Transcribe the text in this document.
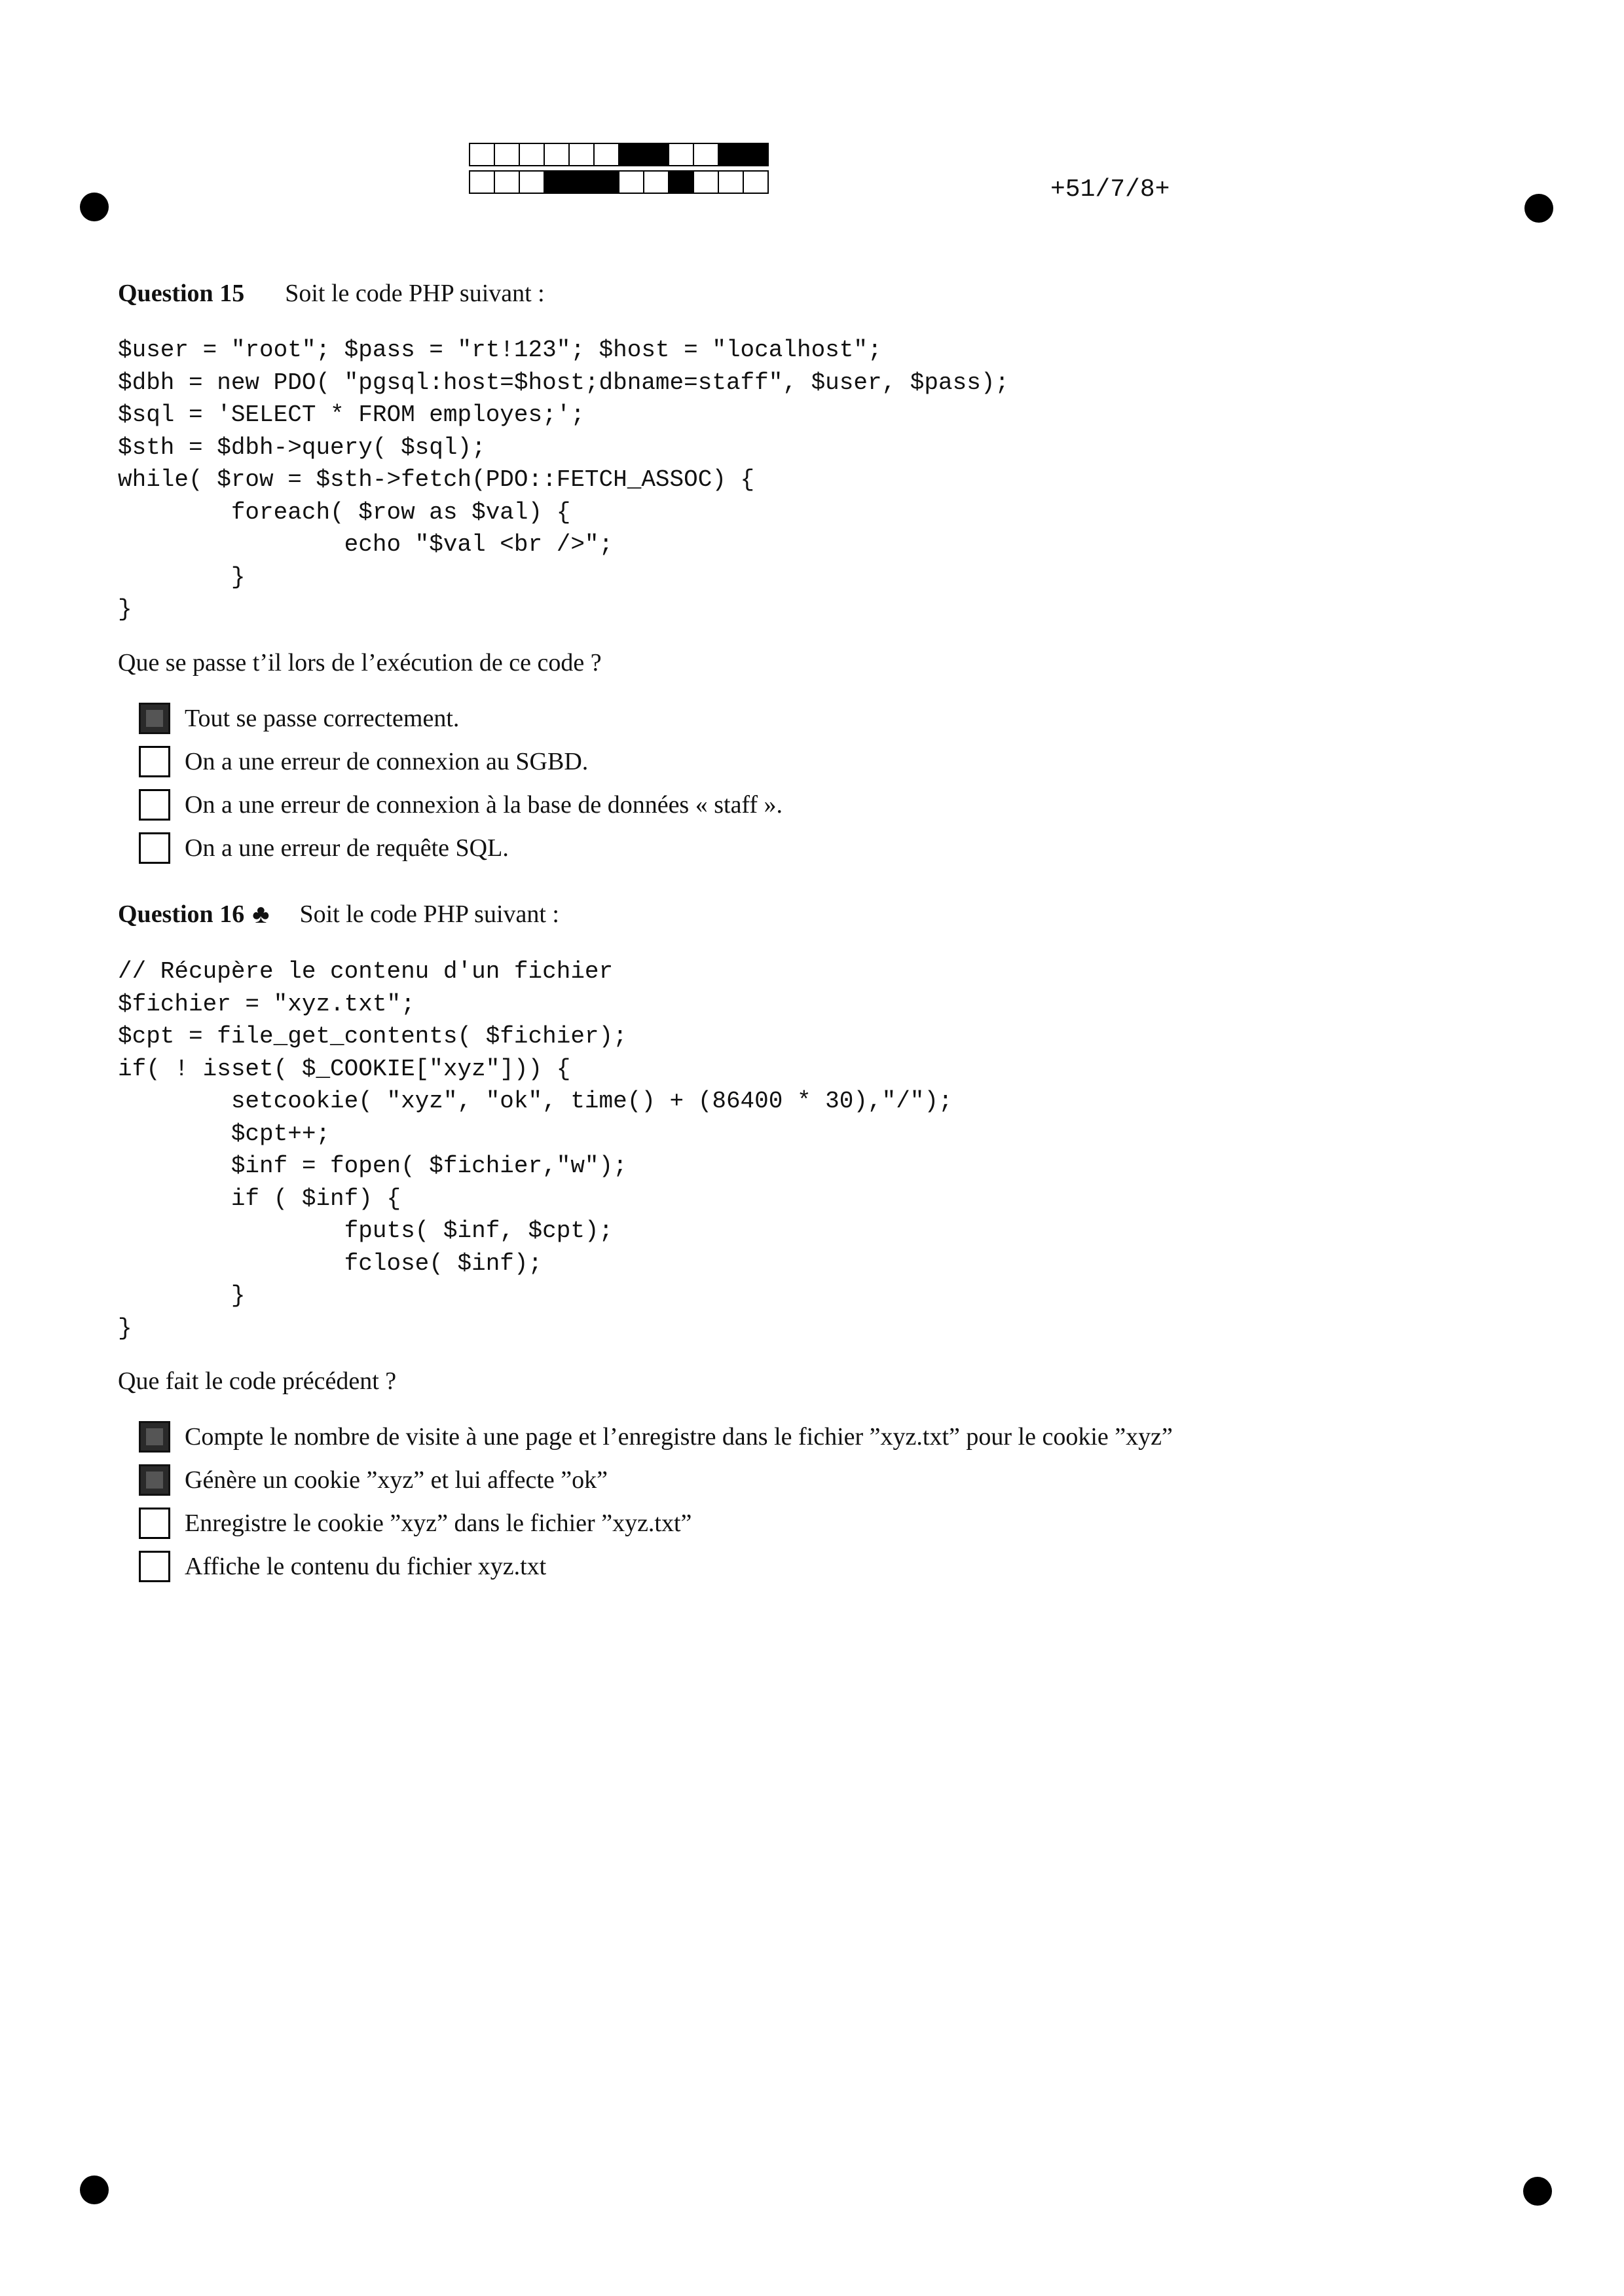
+51/7/8+
Question 15 Soit le code PHP suivant :
$user = "root"; $pass = "rt!123"; $host = "localhost";
$dbh = new PDO( "pgsql:host=$host;dbname=staff", $user, $pass);
$sql = 'SELECT * FROM employes;';
$sth = $dbh->query( $sql);
while( $row = $sth->fetch(PDO::FETCH_ASSOC) {
foreach( $row as $val) {
echo "$val <br />";
}
}
Que se passe t’il lors de l’exécution de ce code ?
Tout se passe correctement.
On a une erreur de connexion au SGBD.
On a une erreur de connexion à la base de données « staff ».
On a une erreur de requête SQL.
Question 16 ♣ Soit le code PHP suivant :
// Récupère le contenu d'un fichier
$fichier = "xyz.txt";
$cpt = file_get_contents( $fichier);
if( ! isset( $_COOKIE["xyz"])) {
setcookie( "xyz", "ok", time() + (86400 * 30),"/");
$cpt++;
$inf = fopen( $fichier,"w");
if ( $inf) {
fputs( $inf, $cpt);
fclose( $inf);
}
}
Que fait le code précédent ?
Compte le nombre de visite à une page et l’enregistre dans le fichier ”xyz.txt” pour le cookie ”xyz”
Génère un cookie ”xyz” et lui affecte ”ok”
Enregistre le cookie ”xyz” dans le fichier ”xyz.txt”
Affiche le contenu du fichier xyz.txt
